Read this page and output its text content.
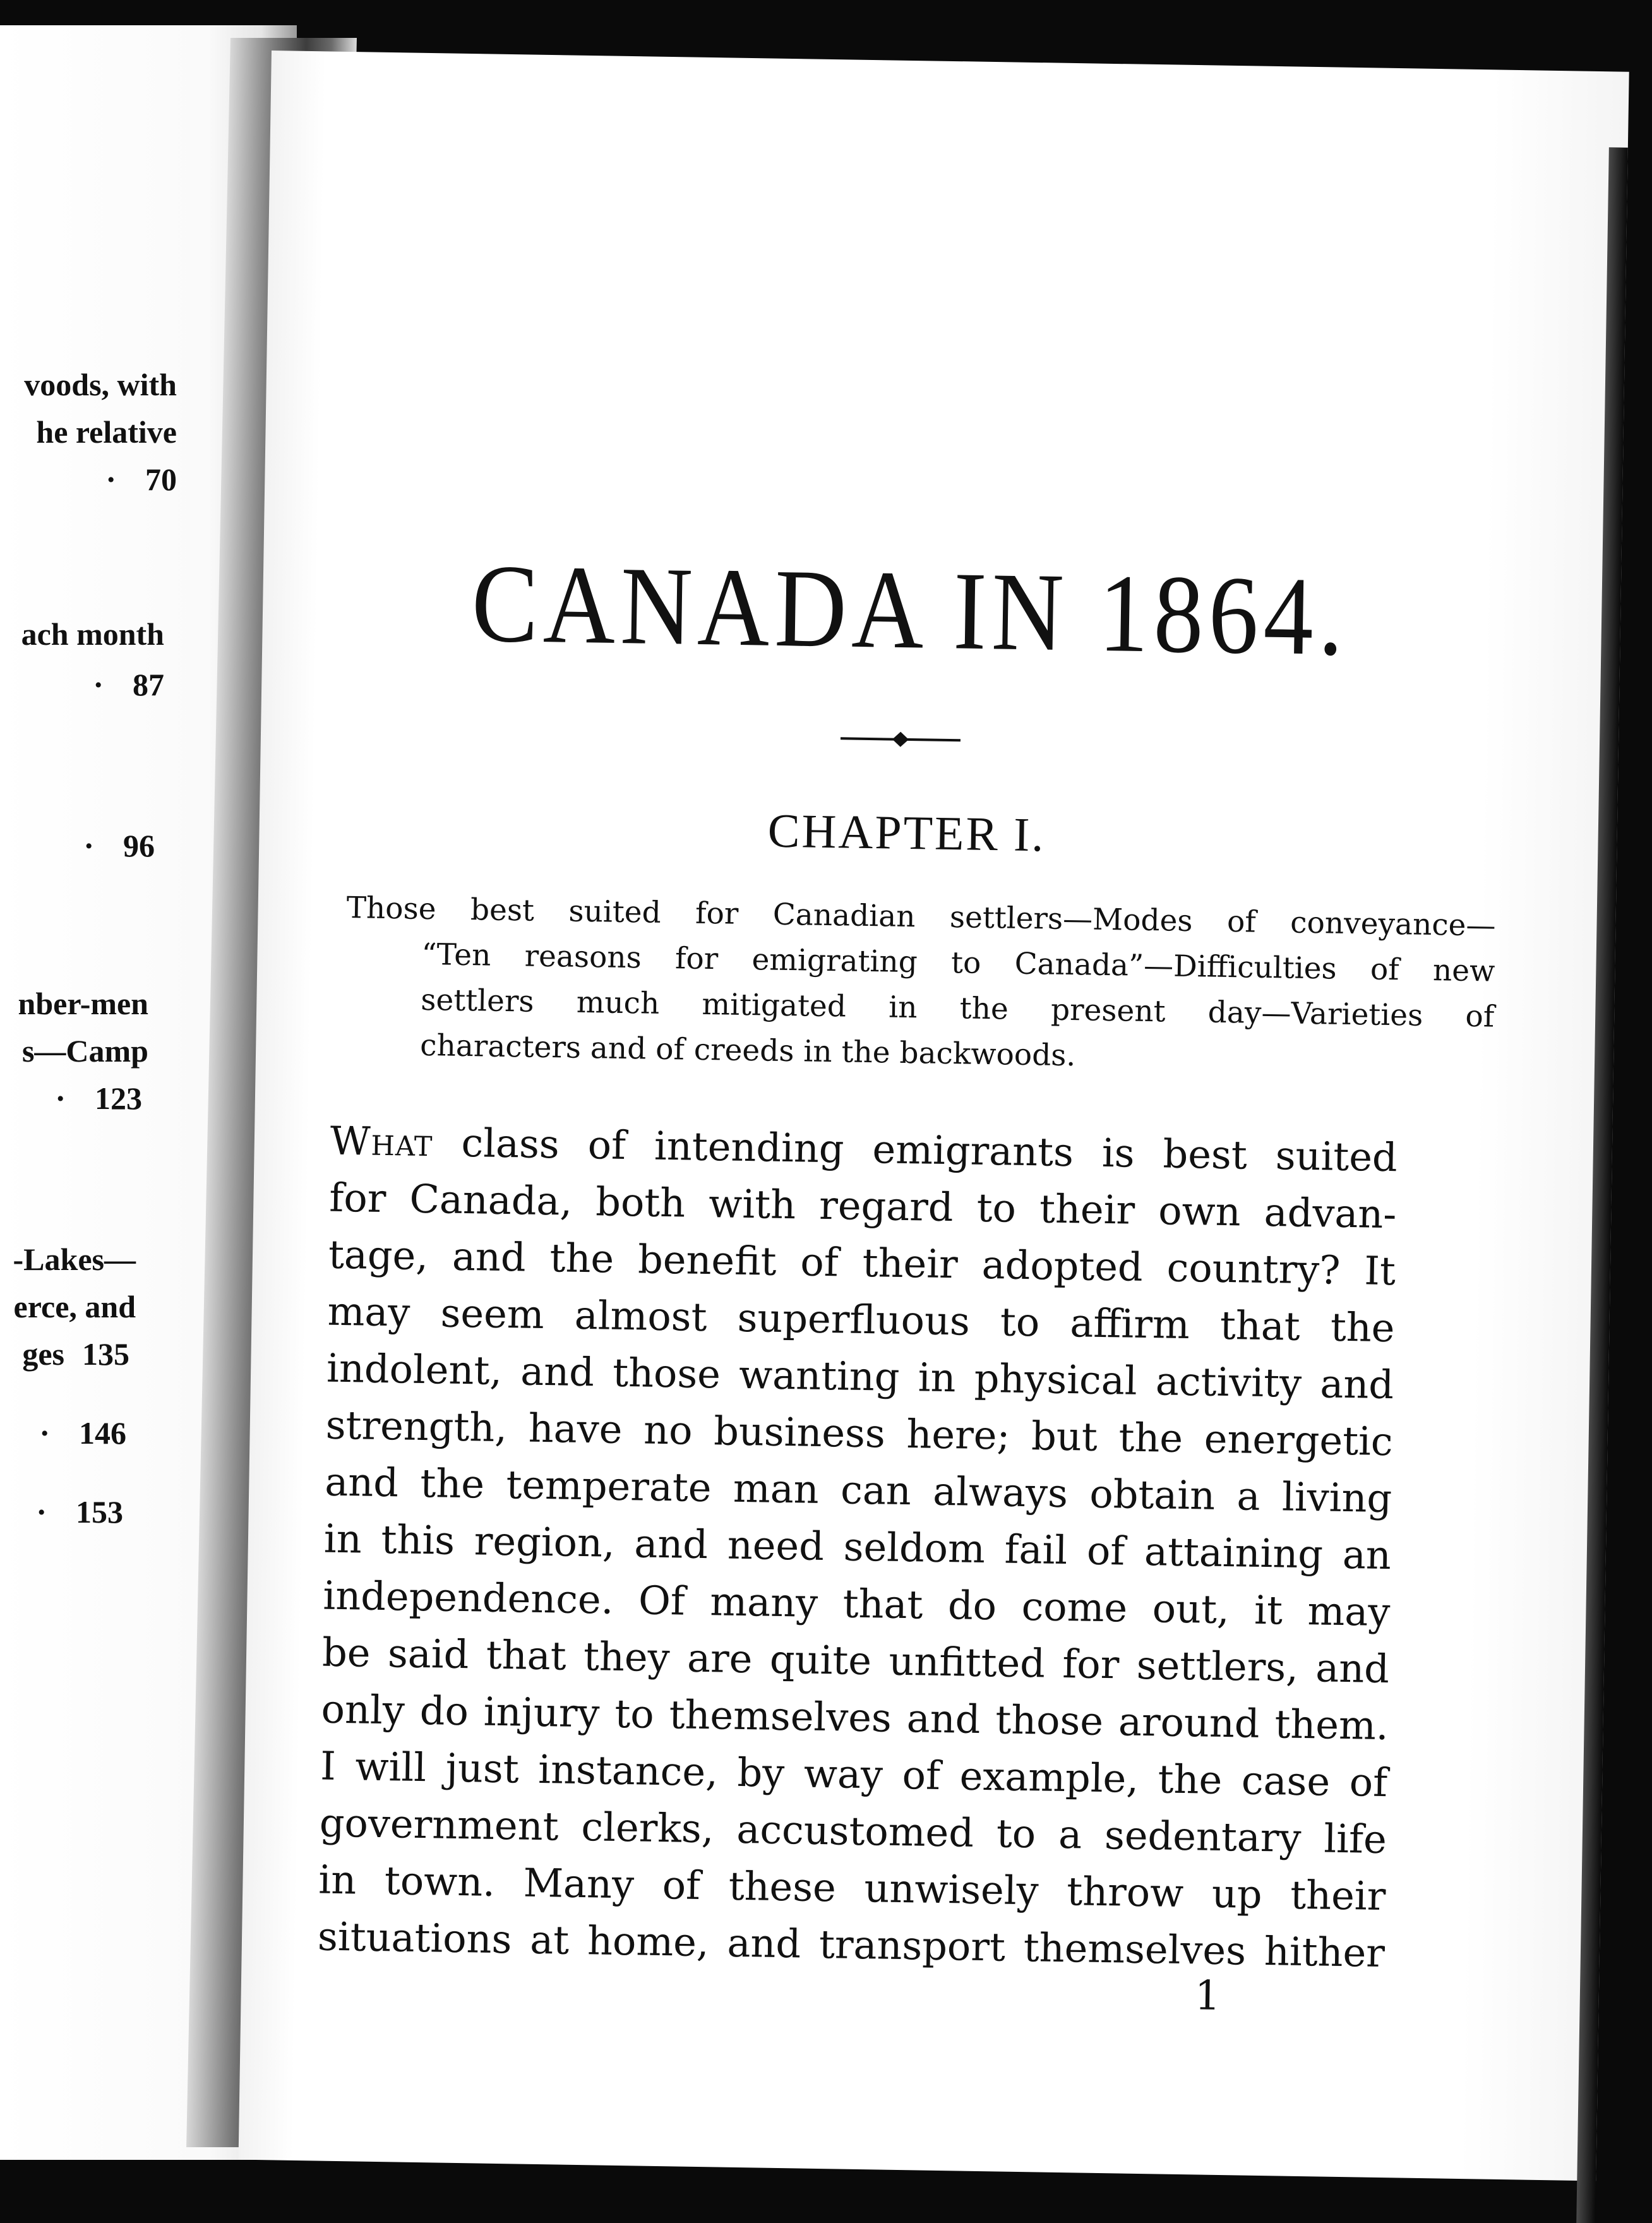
voods, with
he relative
· 70
ach month
· 87
· 96
nber-men
s—Camp
· 123
-Lakes—
erce, and
ges 135
· 146
· 153
CANADA IN 1864.
CHAPTER I.
Those best suited for Canadian settlers—Modes of conveyance—
“Ten reasons for emigrating to Canada”—Difficulties of new
settlers much mitigated in the present day—Varieties of
characters and of creeds in the backwoods.
What class of intending emigrants is best suited
for Canada, both with regard to their own advan-
tage, and the benefit of their adopted country? It
may seem almost superfluous to affirm that the
indolent, and those wanting in physical activity and
strength, have no business here; but the energetic
and the temperate man can always obtain a living
in this region, and need seldom fail of attaining an
independence. Of many that do come out, it may
be said that they are quite unfitted for settlers, and
only do injury to themselves and those around them.
I will just instance, by way of example, the case of
government clerks, accustomed to a sedentary life
in town. Many of these unwisely throw up their
situations at home, and transport themselves hither
1
